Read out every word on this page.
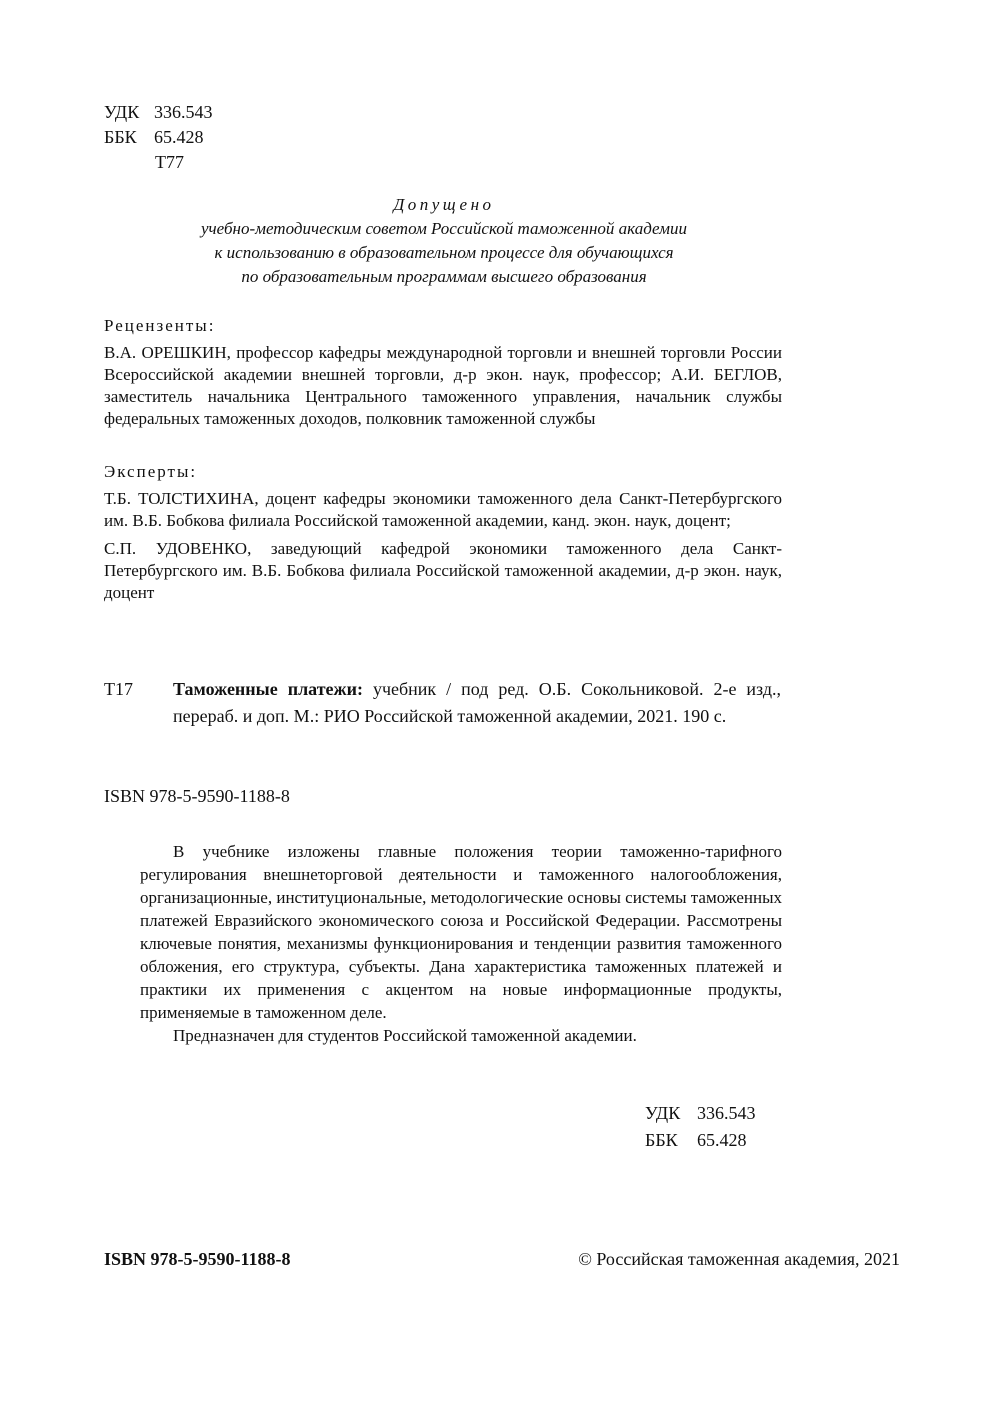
УДК 336.543
ББК 65.428
Т77
Допущено
учебно-методическим советом Российской таможенной академии
к использованию в образовательном процессе для обучающихся
по образовательным программам высшего образования
Рецензенты:

В.А. ОРЕШКИН, профессор кафедры международной торговли и внешней торговли России Всероссийской академии внешней торговли, д-р экон. наук, профессор; А.И. БЕГЛОВ, заместитель начальника Центрального таможенного управления, начальник службы федеральных таможенных доходов, полковник таможенной службы

Эксперты:

Т.Б. ТОЛСТИХИНА, доцент кафедры экономики таможенного дела Санкт-Петербургского им. В.Б. Бобкова филиала Российской таможенной академии, канд. экон. наук, доцент;

С.П. УДОВЕНКО, заведующий кафедрой экономики таможенного дела Санкт-Петербургского им. В.Б. Бобкова филиала Российской таможенной академии, д-р экон. наук, доцент

Т17 Таможенные платежи: учебник / под ред. О.Б. Сокольниковой. 2-е изд., перераб. и доп. М.: РИО Российской таможенной академии, 2021. 190 с.
ISBN 978-5-9590-1188-8

В учебнике изложены главные положения теории таможенно-тарифного регулирования внешнеторговой деятельности и таможенного налогообложения, организационные, институциональные, методологические основы системы таможенных платежей Евразийского экономического союза и Российской Федерации. Рассмотрены ключевые понятия, механизмы функционирования и тенденции развития таможенного обложения, его структура, субъекты. Дана характеристика таможенных платежей и практики их применения с акцентом на новые информационные продукты, применяемые в таможенном деле.

Предназначен для студентов Российской таможенной академии.

УДК 336.543
ББК 65.428
ISBN 978-5-9590-1188-8	© Российская таможенная академия, 2021
